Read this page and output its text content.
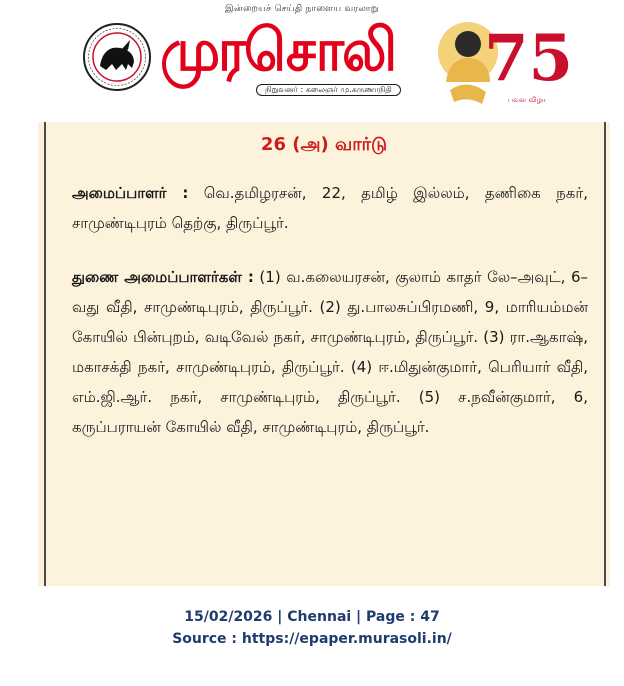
இன்றையச் செய்தி நாளைய வரலாறு
முரசொலி
நிறுவனர் : கலைஞர் மு.கருணாநிதி 75
பவள விழா
26 (அ) வார்டு
அமைப்பாளர் : வெ.தமிழரசன், 22, தமிழ் இல்லம், தணிகை நகர், சாமுண்டிபுரம் தெற்கு, திருப்பூர்.
துணை அமைப்பாளர்கள் : (1) வ.கலையரசன், குலாம் காதர் லே–அவுட், 6–வது வீதி, சாமுண்டிபுரம், திருப்பூர். (2) து.பாலசுப்பிரமணி, 9, மாரியம்மன் கோயில் பின்புறம், வடிவேல் நகர், சாமுண்டிபுரம், திருப்பூர். (3) ரா.ஆகாஷ், மகாசக்தி நகர், சாமுண்டிபுரம், திருப்பூர். (4) ஈ.மிதுன்குமார், பெரியார் வீதி, எம்.ஜி.ஆர். நகர், சாமுண்டிபுரம், திருப்பூர். (5) ச.நவீன்குமார், 6, கருப்பராயன் கோயில் வீதி, சாமுண்டிபுரம், திருப்பூர்.
15/02/2026 | Chennai | Page : 47
Source : https://epaper.murasoli.in/
